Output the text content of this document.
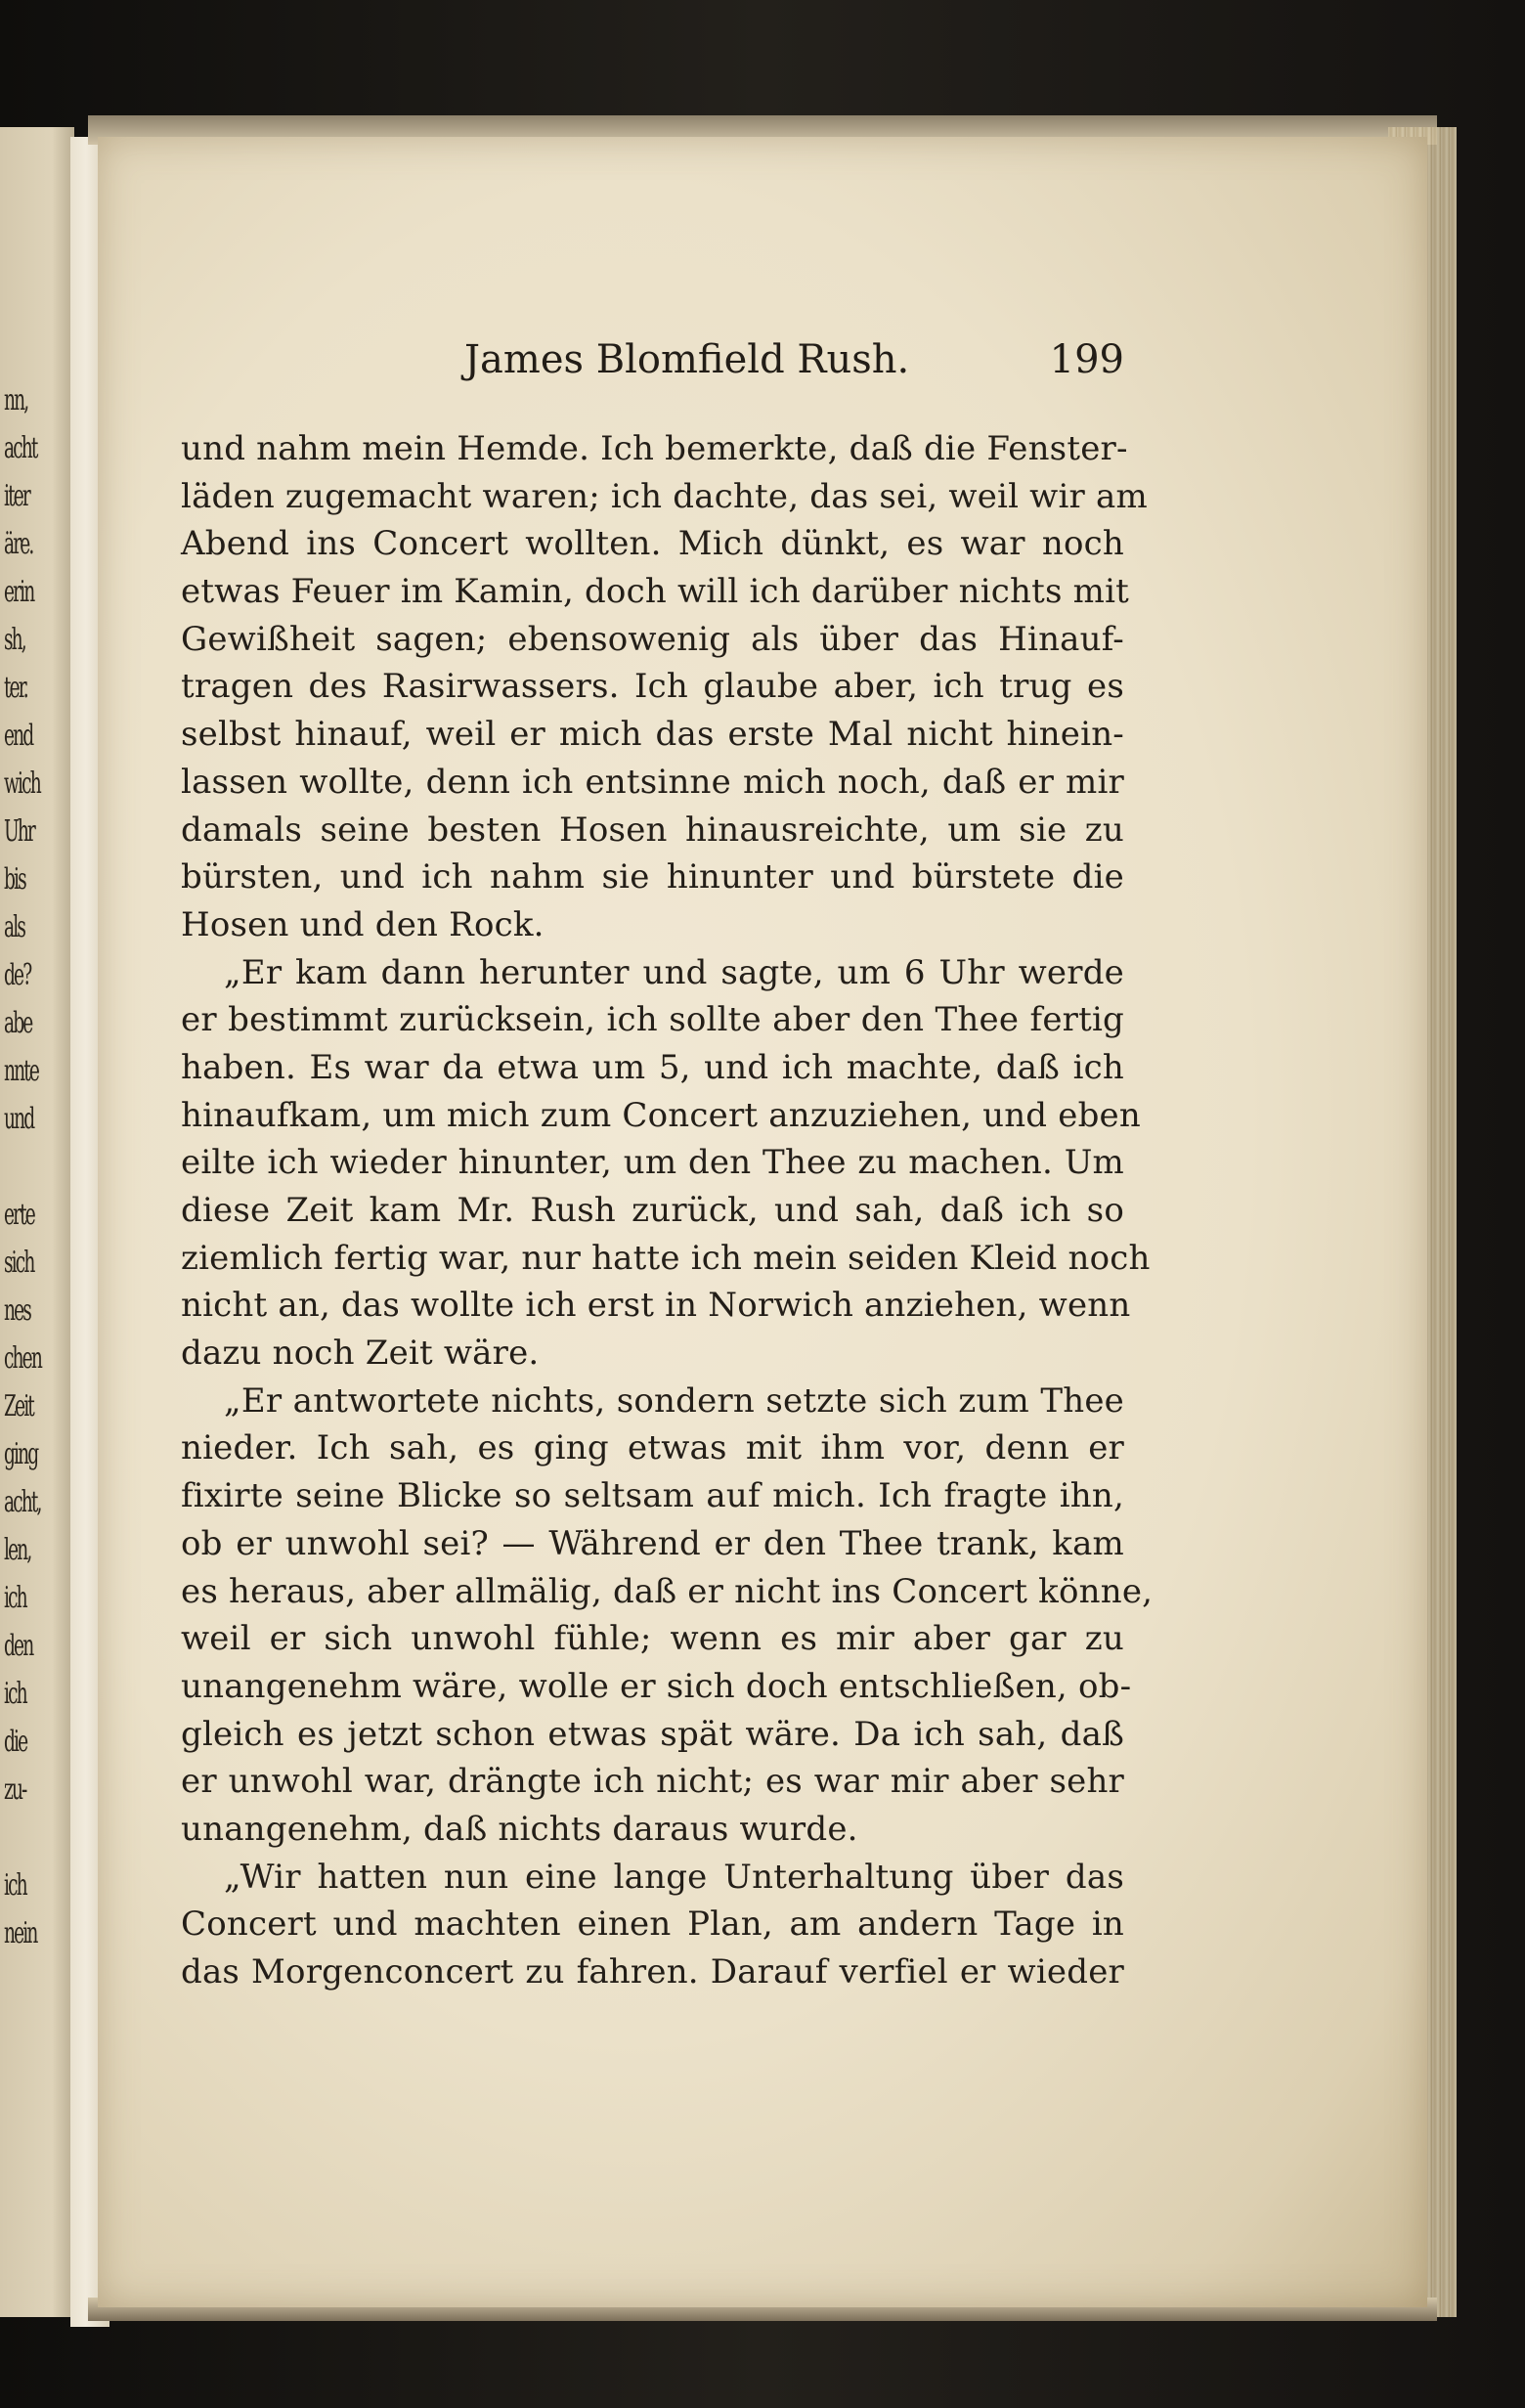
nn,
acht
iter
äre.
erin
sh,
ter.
end
wich
Uhr
bis
als
de?
abe
nnte
und
erte
sich
nes
chen
Zeit
ging
acht,
len,
ich
den
ich
die
zu-
ich
nein
James Blomfield Rush.	199
und nahm mein Hemde. Ich bemerkte, daß die Fenster-
läden zugemacht waren; ich dachte, das sei, weil wir am
Abend ins Concert wollten. Mich dünkt, es war noch
etwas Feuer im Kamin, doch will ich darüber nichts mit
Gewißheit sagen; ebensowenig als über das Hinauf-
tragen des Rasirwassers. Ich glaube aber, ich trug es
selbst hinauf, weil er mich das erste Mal nicht hinein-
lassen wollte, denn ich entsinne mich noch, daß er mir
damals seine besten Hosen hinausreichte, um sie zu
bürsten, und ich nahm sie hinunter und bürstete die
Hosen und den Rock.
„Er kam dann herunter und sagte, um 6 Uhr werde
er bestimmt zurücksein, ich sollte aber den Thee fertig
haben. Es war da etwa um 5, und ich machte, daß ich
hinaufkam, um mich zum Concert anzuziehen, und eben
eilte ich wieder hinunter, um den Thee zu machen. Um
diese Zeit kam Mr. Rush zurück, und sah, daß ich so
ziemlich fertig war, nur hatte ich mein seiden Kleid noch
nicht an, das wollte ich erst in Norwich anziehen, wenn
dazu noch Zeit wäre.
„Er antwortete nichts, sondern setzte sich zum Thee
nieder. Ich sah, es ging etwas mit ihm vor, denn er
fixirte seine Blicke so seltsam auf mich. Ich fragte ihn,
ob er unwohl sei? — Während er den Thee trank, kam
es heraus, aber allmälig, daß er nicht ins Concert könne,
weil er sich unwohl fühle; wenn es mir aber gar zu
unangenehm wäre, wolle er sich doch entschließen, ob-
gleich es jetzt schon etwas spät wäre. Da ich sah, daß
er unwohl war, drängte ich nicht; es war mir aber sehr
unangenehm, daß nichts daraus wurde.
„Wir hatten nun eine lange Unterhaltung über das
Concert und machten einen Plan, am andern Tage in
das Morgenconcert zu fahren. Darauf verfiel er wieder
